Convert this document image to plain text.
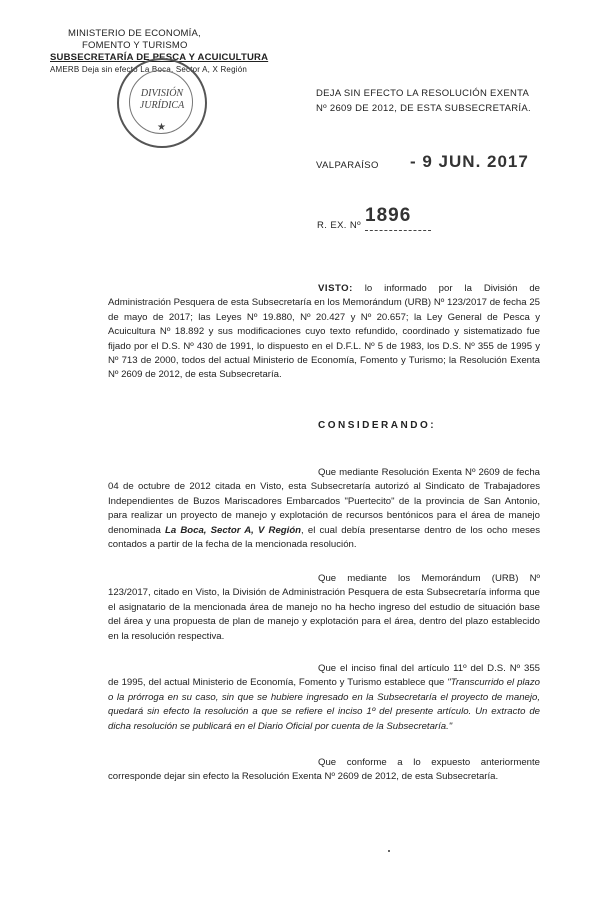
MINISTERIO DE ECONOMÍA,
FOMENTO Y TURISMO
SUBSECRETARÍA DE PESCA Y ACUICULTURA
AMERB Deja sin efecto La Boca, Sector A, X Región
DIVISIÓN
JURÍDICA
★
DEJA SIN EFECTO LA RESOLUCIÓN EXENTA Nº 2609 DE 2012, DE ESTA SUBSECRETARÍA.
VALPARAÍSO - 9 JUN. 2017
R. EX. Nº 1896
VISTO: lo informado por la División de Administración Pesquera de esta Subsecretaría en los Memorándum (URB) Nº 123/2017 de fecha 25 de mayo de 2017; las Leyes Nº 19.880, Nº 20.427 y Nº 20.657; la Ley General de Pesca y Acuicultura Nº 18.892 y sus modificaciones cuyo texto refundido, coordinado y sistematizado fue fijado por el D.S. Nº 430 de 1991, lo dispuesto en el D.F.L. Nº 5 de 1983, los D.S. Nº 355 de 1995 y Nº 713 de 2000, todos del actual Ministerio de Economía, Fomento y Turismo; la Resolución Exenta Nº 2609 de 2012, de esta Subsecretaría.
CONSIDERANDO:
Que mediante Resolución Exenta Nº 2609 de fecha 04 de octubre de 2012 citada en Visto, esta Subsecretaría autorizó al Sindicato de Trabajadores Independientes de Buzos Mariscadores Embarcados "Puertecito" de la provincia de San Antonio, para realizar un proyecto de manejo y explotación de recursos bentónicos para el área de manejo denominada La Boca, Sector A, V Región, el cual debía presentarse dentro de los ocho meses contados a partir de la fecha de la mencionada resolución.
Que mediante los Memorándum (URB) Nº 123/2017, citado en Visto, la División de Administración Pesquera de esta Subsecretaría informa que el asignatario de la mencionada área de manejo no ha hecho ingreso del estudio de situación base del área y una propuesta de plan de manejo y explotación para el área, dentro del plazo establecido en la resolución respectiva.
Que el inciso final del artículo 11º del D.S. Nº 355 de 1995, del actual Ministerio de Economía, Fomento y Turismo establece que "Transcurrido el plazo o la prórroga en su caso, sin que se hubiere ingresado en la Subsecretaría el proyecto de manejo, quedará sin efecto la resolución a que se refiere el inciso 1º del presente artículo. Un extracto de dicha resolución se publicará en el Diario Oficial por cuenta de la Subsecretaría."
Que conforme a lo expuesto anteriormente corresponde dejar sin efecto la Resolución Exenta Nº 2609 de 2012, de esta Subsecretaría.
